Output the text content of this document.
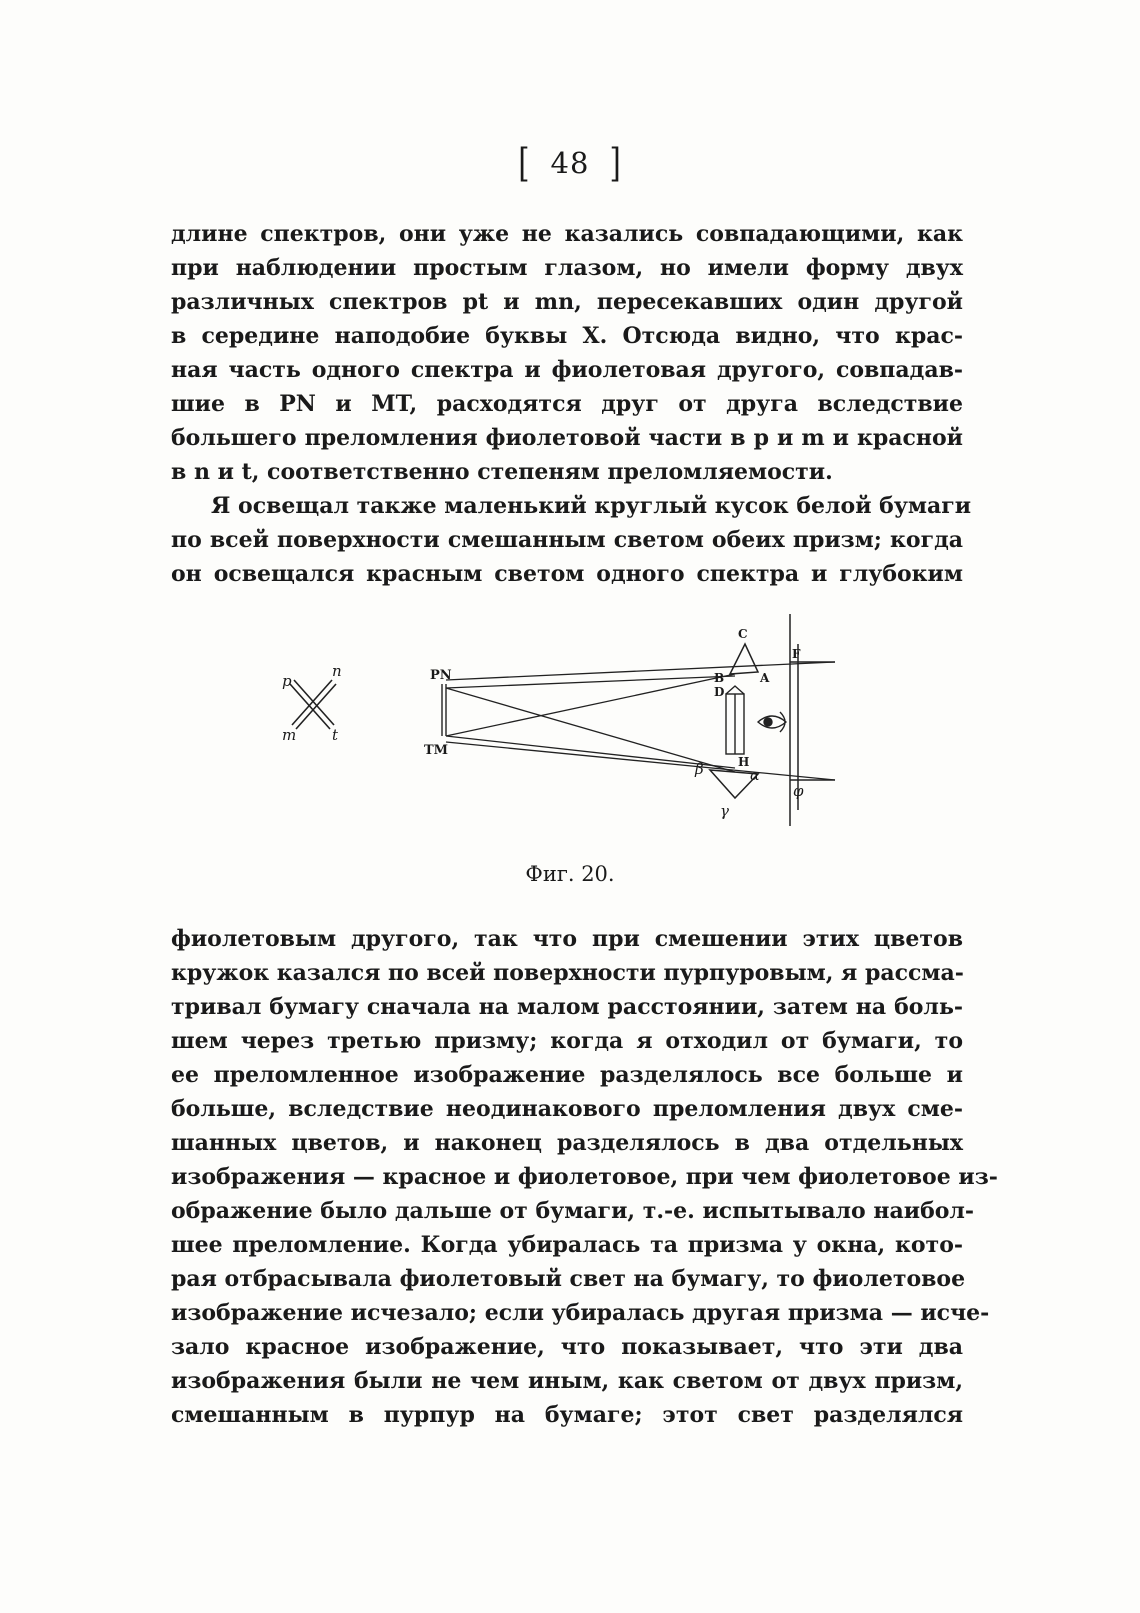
[ 48 ]
длине спектров, они уже не казались совпадающими, как
при наблюдении простым глазом, но имели форму двух
различных спектров pt и mn, пересекавших один другой
в середине наподобие буквы X. Отсюда видно, что крас-
ная часть одного спектра и фиолетовая другого, совпадав-
шие в PN и MT, расходятся друг от друга вследствие
большего преломления фиолетовой части в p и m и красной
в n и t, соответственно степеням преломляемости.
Я освещал также маленький круглый кусок белой бумаги
по всей поверхности смешанным светом обеих призм; когда
он освещался красным светом одного спектра и глубоким
p
n
m t
PN
TM
C
B	A
D
H
β	α
γ
F
φ
Фиг. 20.
фиолетовым другого, так что при смешении этих цветов
кружок казался по всей поверхности пурпуровым, я рассма-
тривал бумагу сначала на малом расстоянии, затем на боль-
шем через третью призму; когда я отходил от бумаги, то
ее преломленное изображение разделялось все больше и
больше, вследствие неодинакового преломления двух сме-
шанных цветов, и наконец разделялось в два отдельных
изображения — красное и фиолетовое, при чем фиолетовое из-
ображение было дальше от бумаги, т.-е. испытывало наибол-
шее преломление. Когда убиралась та призма у окна, кото-
рая отбрасывала фиолетовый свет на бумагу, то фиолетовое
изображение исчезало; если убиралась другая призма — исче-
зало красное изображение, что показывает, что эти два
изображения были не чем иным, как светом от двух призм,
смешанным в пурпур на бумаге; этот свет разделялся
